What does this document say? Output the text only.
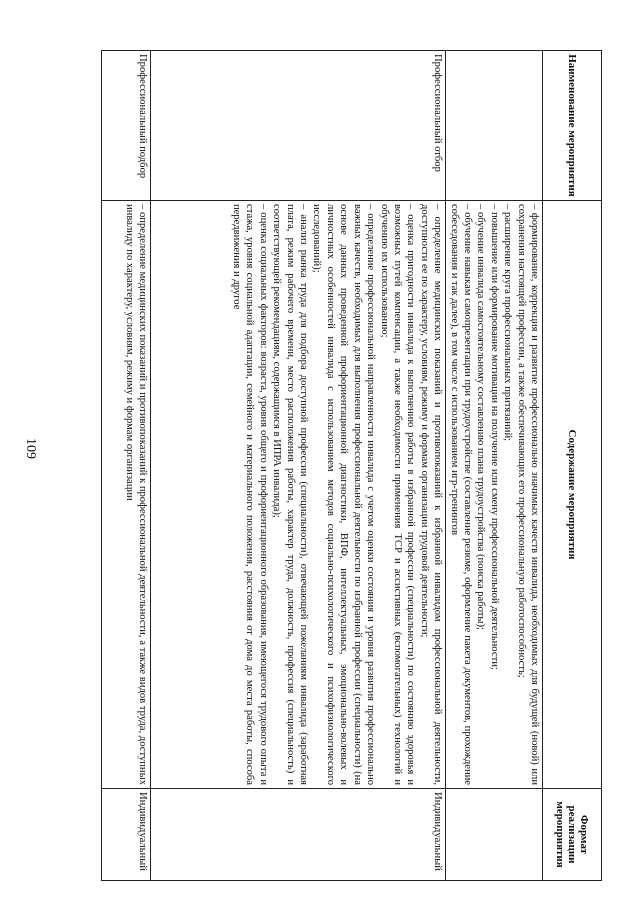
109
Наименование мероприятия	Содержание мероприятия	Формат реализации мероприятия

	– формирование, коррекция и развитие профессионально значимых качеств инвалида, необходимых для будущей (новой) или сохранения настоящей профессии, а также обеспечивающих его профессиональную работоспособность;

– расширение круга профессиональных притязаний;

– повышение или формирование мотивации на получение или смену профессиональной деятельности;

– обучение инвалида самостоятельному составлению плана трудоустройства (поиска работы);

– обучение навыкам самопрезентации при трудоустройстве (составление резюме, оформление пакета документов, прохождение собеседования и так далее), в том числе с использованием игр-тренингов	

Профессиональный отбор	– определение медицинских показаний и противопоказаний к избранной инвалидом профессиональной деятельности, доступности ее по характеру, условиям, режиму и формам организации трудовой деятельности;

– оценка пригодности инвалида к выполнению работы в избранной профессии (специальности) по состоянию здоровья и возможных путей компенсации, а также необходимости применения ТСР и ассистивных (вспомогательных) технологий и обучению их использованию;

– определение профессиональной направленности инвалида с учетом оценки состояния и уровня развития профессионально важных качеств, необходимых для выполнения профессиональной деятельности по избранной профессии (специальности) (на основе данных проведенной профориентационной диагностики, ВПФ, интеллектуальных, эмоционально-волевых и личностных особенностей инвалида с использованием методов социально-психологического и психофизиологического исследований);

– анализ рынка труда для подбора доступной профессии (специальности), отвечающей пожеланиям инвалида (заработная плата, режим рабочего времени, место расположения работы, характер труда, должность, профессия (специальность) и соответствующей рекомендациям, содержащимся в ИПРА инвалида);

– оценка социальных факторов: возраста, уровня общего и профориентационного образования, имеющегося трудового опыта и стажа, уровня социальной адаптации, семейного и материального положения, расстояния от дома до места работы, способа передвижения и другое	Индивидуальный
Профессиональный подбор	– определение медицинских показаний и противопоказаний к профессиональной деятельности, а также видов труда, доступных инвалиду по характеру, условиям, режиму и формам организации	Индивидуальный
